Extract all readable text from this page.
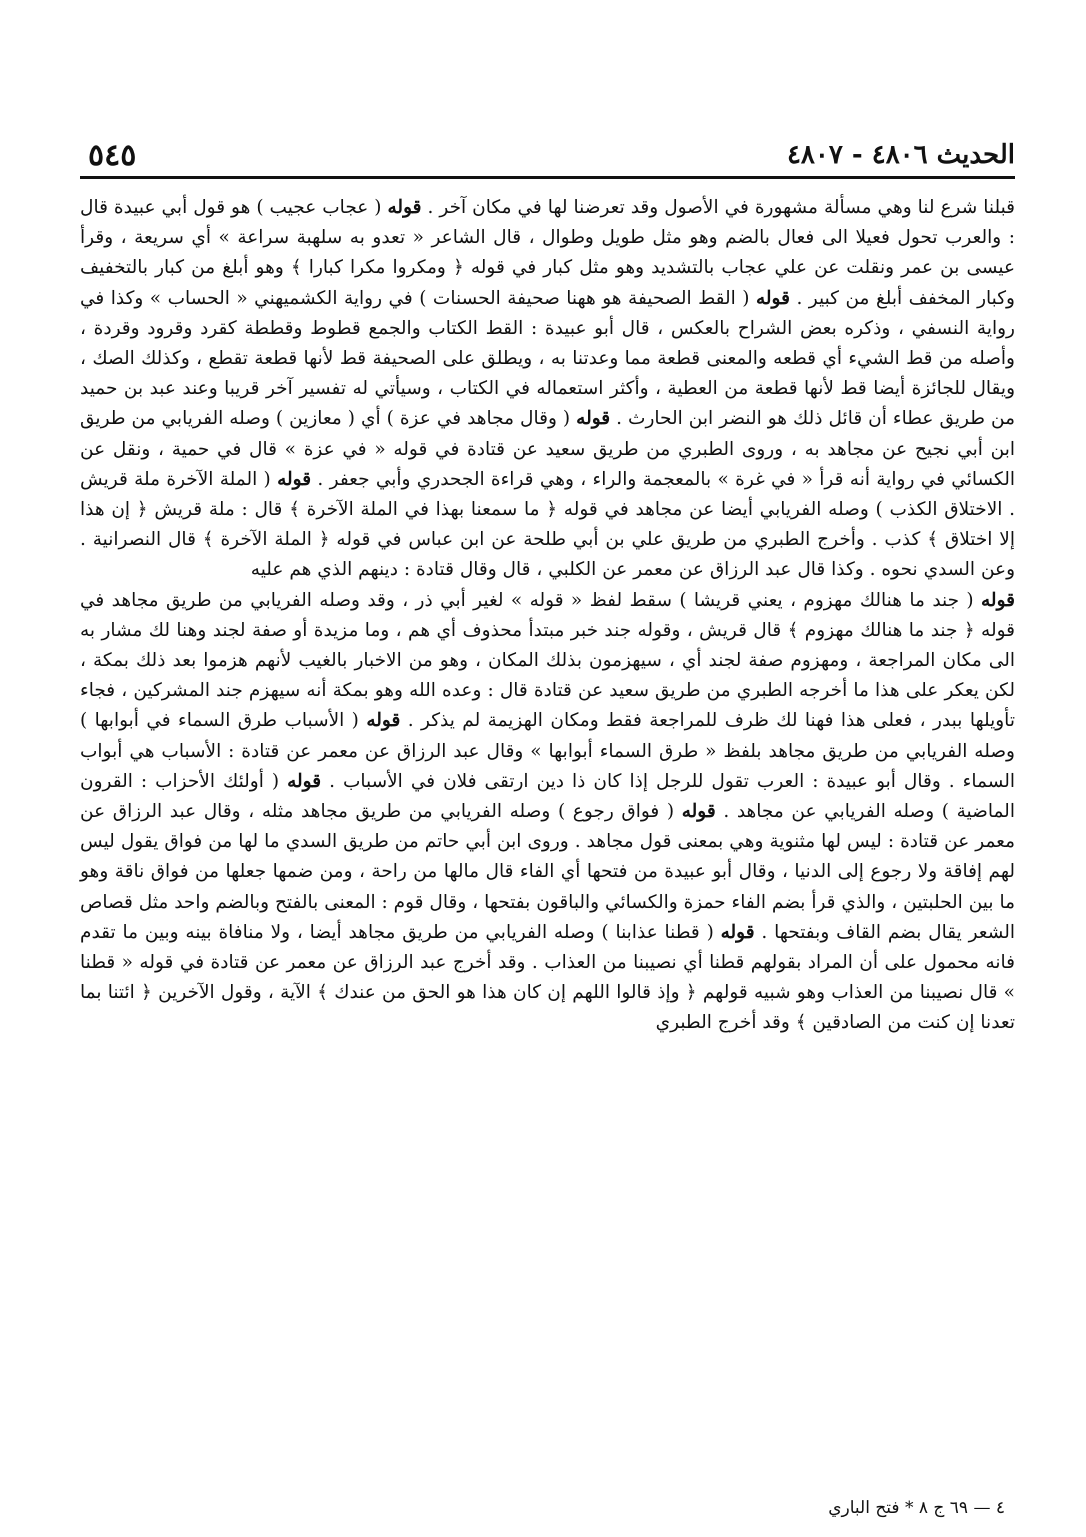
الحديث ٤٨٠٦ - ٤٨٠٧
٥٤٥

قبلنا شرع لنا وهي مسألة مشهورة في الأصول وقد تعرضنا لها في مكان آخر . قوله ( عجاب عجيب ) هو قول أبي عبيدة قال : والعرب تحول فعيلا الى فعال بالضم وهو مثل طويل وطوال ، قال الشاعر « تعدو به سلهبة سراعة » أي سريعة ، وقرأ عيسى بن عمر ونقلت عن علي عجاب بالتشديد وهو مثل كبار في قوله ﴿ ومكروا مكرا كبارا ﴾ وهو أبلغ من كبار بالتخفيف وكبار المخفف أبلغ من كبير . قوله ( القط الصحيفة هو ههنا صحيفة الحسنات ) في رواية الكشميهني « الحساب » وكذا في رواية النسفي ، وذكره بعض الشراح بالعكس ، قال أبو عبيدة : القط الكتاب والجمع قطوط وقططة كقرد وقرود وقردة ، وأصله من قط الشيء أي قطعه والمعنى قطعة مما وعدتنا به ، ويطلق على الصحيفة قط لأنها قطعة تقطع ، وكذلك الصك ، ويقال للجائزة أيضا قط لأنها قطعة من العطية ، وأكثر استعماله في الكتاب ، وسيأتي له تفسير آخر قريبا وعند عبد بن حميد من طريق عطاء أن قائل ذلك هو النضر ابن الحارث . قوله ( وقال مجاهد في عزة ) أي ( معازين ) وصله الفريابي من طريق ابن أبي نجيح عن مجاهد به ، وروى الطبري من طريق سعيد عن قتادة في قوله « في عزة » قال في حمية ، ونقل عن الكسائي في رواية أنه قرأ « في غرة » بالمعجمة والراء ، وهي قراءة الجحدري وأبي جعفر . قوله ( الملة الآخرة ملة قريش . الاختلاق الكذب ) وصله الفريابي أيضا عن مجاهد في قوله ﴿ ما سمعنا بهذا في الملة الآخرة ﴾ قال : ملة قريش ﴿ إن هذا إلا اختلاق ﴾ كذب . وأخرج الطبري من طريق علي بن أبي طلحة عن ابن عباس في قوله ﴿ الملة الآخرة ﴾ قال النصرانية . وعن السدي نحوه . وكذا قال عبد الرزاق عن معمر عن الكلبي ، قال وقال قتادة : دينهم الذي هم عليه

قوله ( جند ما هنالك مهزوم ، يعني قريشا ) سقط لفظ « قوله » لغير أبي ذر ، وقد وصله الفريابي من طريق مجاهد في قوله ﴿ جند ما هنالك مهزوم ﴾ قال قريش ، وقوله جند خبر مبتدأ محذوف أي هم ، وما مزيدة أو صفة لجند وهنا لك مشار به الى مكان المراجعة ، ومهزوم صفة لجند أي ، سيهزمون بذلك المكان ، وهو من الاخبار بالغيب لأنهم هزموا بعد ذلك بمكة ، لكن يعكر على هذا ما أخرجه الطبري من طريق سعيد عن قتادة قال : وعده الله وهو بمكة أنه سيهزم جند المشركين ، فجاء تأويلها ببدر ، فعلى هذا فهنا لك ظرف للمراجعة فقط ومكان الهزيمة لم يذكر . قوله ( الأسباب طرق السماء في أبوابها ) وصله الفريابي من طريق مجاهد بلفظ « طرق السماء أبوابها » وقال عبد الرزاق عن معمر عن قتادة : الأسباب هي أبواب السماء . وقال أبو عبيدة : العرب تقول للرجل إذا كان ذا دين ارتقى فلان في الأسباب . قوله ( أولئك الأحزاب : القرون الماضية ) وصله الفريابي عن مجاهد . قوله ( فواق رجوع ) وصله الفريابي من طريق مجاهد مثله ، وقال عبد الرزاق عن معمر عن قتادة : ليس لها مثنوية وهي بمعنى قول مجاهد . وروى ابن أبي حاتم من طريق السدي ما لها من فواق يقول ليس لهم إفاقة ولا رجوع إلى الدنيا ، وقال أبو عبيدة من فتحها أي الفاء قال مالها من راحة ، ومن ضمها جعلها من فواق ناقة وهو ما بين الحلبتين ، والذي قرأ بضم الفاء حمزة والكسائي والباقون بفتحها ، وقال قوم : المعنى بالفتح وبالضم واحد مثل قصاص الشعر يقال بضم القاف وبفتحها . قوله ( قطنا عذابنا ) وصله الفريابي من طريق مجاهد أيضا ، ولا منافاة بينه وبين ما تقدم فانه محمول على أن المراد بقولهم قطنا أي نصيبنا من العذاب . وقد أخرج عبد الرزاق عن معمر عن قتادة في قوله « قطنا » قال نصيبنا من العذاب وهو شبيه قولهم ﴿ وإذ قالوا اللهم إن كان هذا هو الحق من عندك ﴾ الآية ، وقول الآخرين ﴿ ائتنا بما تعدنا إن كنت من الصادقين ﴾ وقد أخرج الطبري

٤ — ٦٩ ج ٨ * فتح الباري
